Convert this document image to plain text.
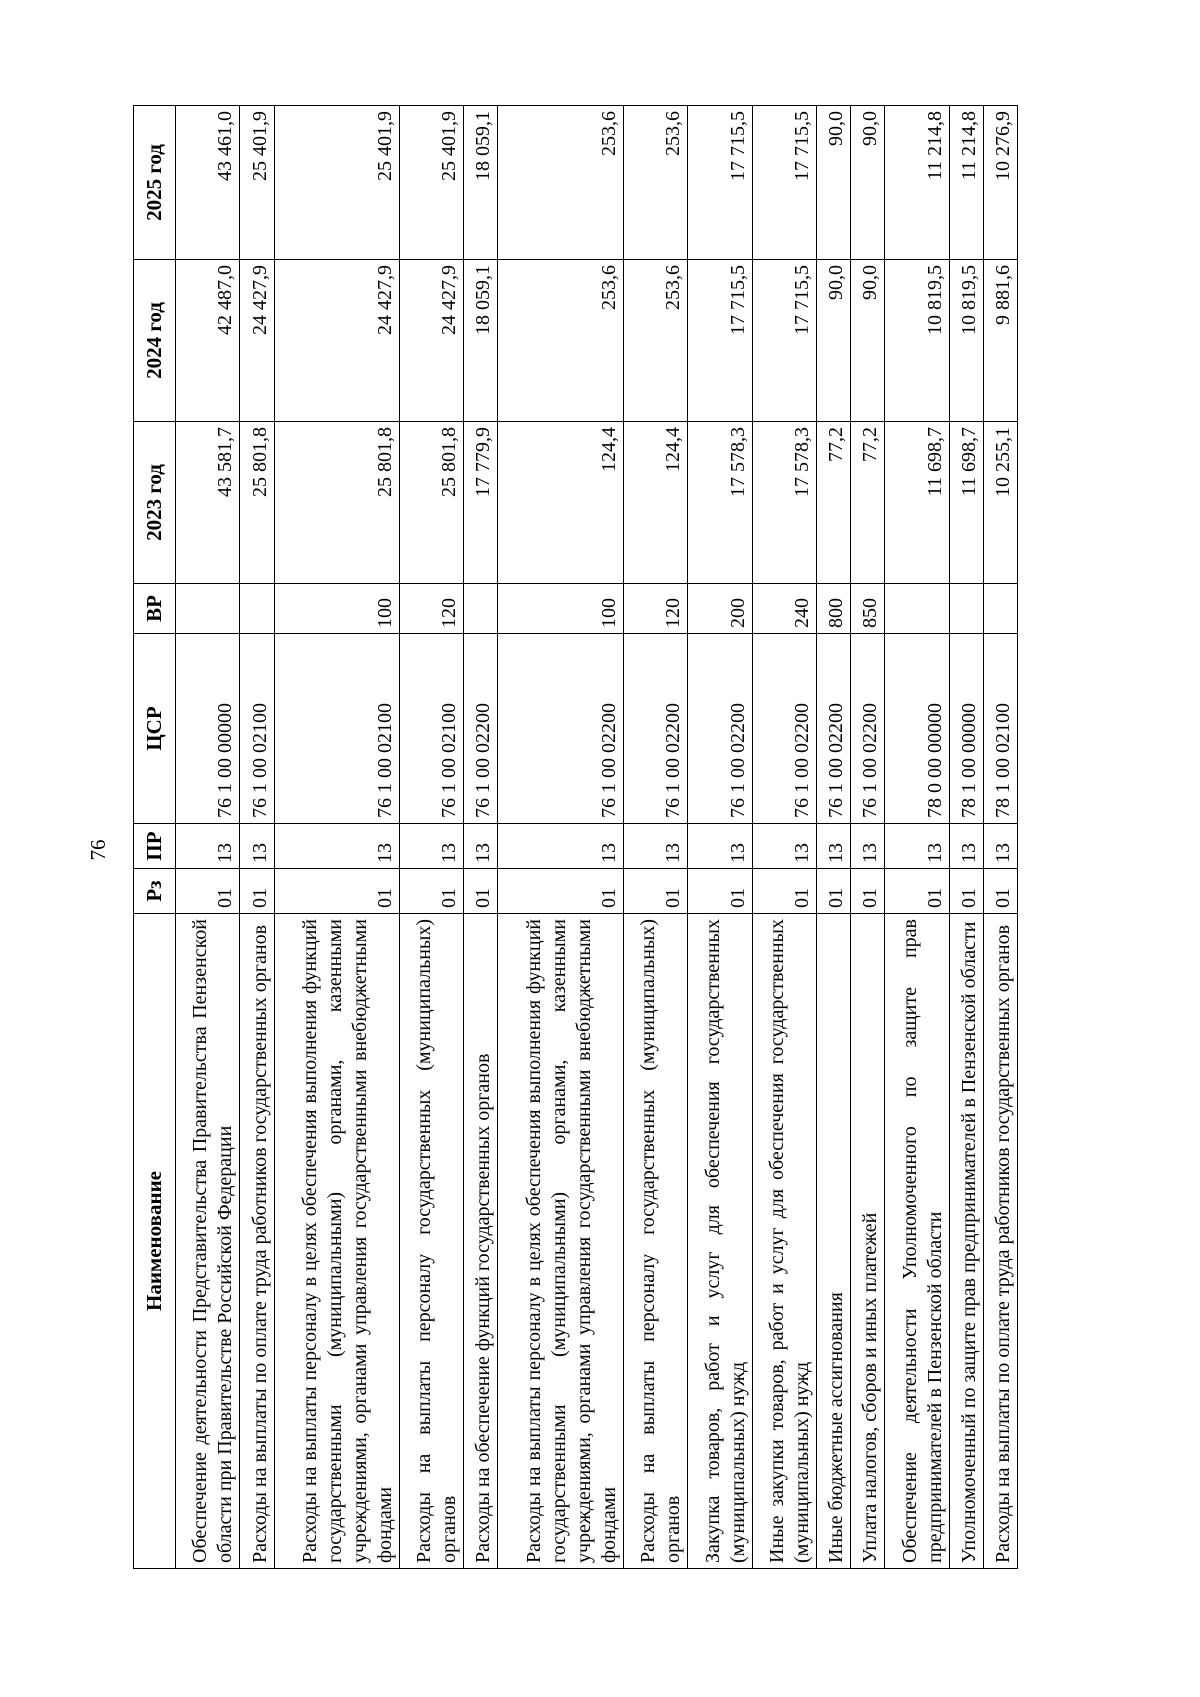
76
Наименование	Рз	ПР	ЦСР	ВР	2023 год	2024 год	2025 год
Обеспечение деятельности Представительства Правительства Пензенской области при Правительстве Российской Федерации	01	13	76 1 00 00000		43 581,7	42 487,0	43 461,0
Расходы на выплаты по оплате труда работников государственных органов	01	13	76 1 00 02100		25 801,8	24 427,9	25 401,9
Расходы на выплаты персоналу в целях обеспечения выполнения функций государственными (муниципальными) органами, казенными учреждениями, органами управления государственными внебюджетными фондами	01	13	76 1 00 02100	100	25 801,8	24 427,9	25 401,9
Расходы на выплаты персоналу государственных (муниципальных) органов	01	13	76 1 00 02100	120	25 801,8	24 427,9	25 401,9
Расходы на обеспечение функций государственных органов	01	13	76 1 00 02200		17 779,9	18 059,1	18 059,1
Расходы на выплаты персоналу в целях обеспечения выполнения функций государственными (муниципальными) органами, казенными учреждениями, органами управления государственными внебюджетными фондами	01	13	76 1 00 02200	100	124,4	253,6	253,6
Расходы на выплаты персоналу государственных (муниципальных) органов	01	13	76 1 00 02200	120	124,4	253,6	253,6
Закупка товаров, работ и услуг для обеспечения государственных (муниципальных) нужд	01	13	76 1 00 02200	200	17 578,3	17 715,5	17 715,5
Иные закупки товаров, работ и услуг для обеспечения государственных (муниципальных) нужд	01	13	76 1 00 02200	240	17 578,3	17 715,5	17 715,5
Иные бюджетные ассигнования	01	13	76 1 00 02200	800	77,2	90,0	90,0
Уплата налогов, сборов и иных платежей	01	13	76 1 00 02200	850	77,2	90,0	90,0
Обеспечение деятельности Уполномоченного по защите прав предпринимателей в Пензенской области	01	13	78 0 00 00000		11 698,7	10 819,5	11 214,8
Уполномоченный по защите прав предпринимателей в Пензенской области	01	13	78 1 00 00000		11 698,7	10 819,5	11 214,8
Расходы на выплаты по оплате труда работников государственных органов	01	13	78 1 00 02100		10 255,1	9 881,6	10 276,9
